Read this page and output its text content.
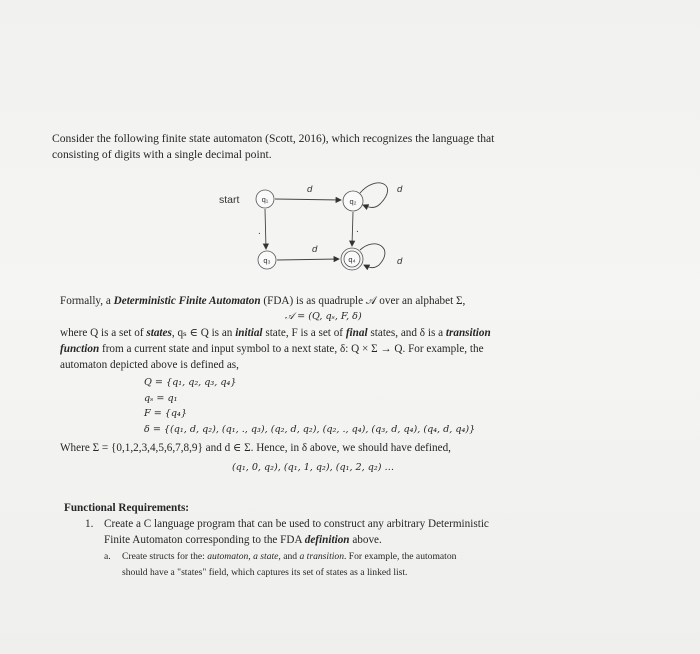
Consider the following finite state automaton (Scott, 2016), which recognizes the language that
consisting of digits with a single decimal point.
start	q₁	q₂
q₃	q₄
d	d
.	.
d
d
Formally, a Deterministic Finite Automaton (FDA) is as quadruple 𝒜 over an alphabet Σ,
𝒜 = (Q, qₛ, F, δ)
where Q is a set of states, qₛ ∈ Q is an initial state, F is a set of final states, and δ is a transition
function from a current state and input symbol to a next state, δ: Q × Σ → Q. For example, the
automaton depicted above is defined as,
Q = {q₁, q₂, q₃, q₄}
qₛ = q₁
F = {q₄}
δ = {(q₁, d, q₂), (q₁, ., q₃), (q₂, d, q₂), (q₂, ., q₄), (q₃, d, q₄), (q₄, d, q₄)}
Where Σ = {0,1,2,3,4,5,6,7,8,9} and d ∈ Σ. Hence, in δ above, we should have defined,
(q₁, 0, q₂), (q₁, 1, q₂), (q₁, 2, q₂) …
Functional Requirements:
1. Create a C language program that can be used to construct any arbitrary Deterministic
Finite Automaton corresponding to the FDA definition above.
a. Create structs for the: automaton, a state, and a transition. For example, the automaton
should have a "states" field, which captures its set of states as a linked list.
